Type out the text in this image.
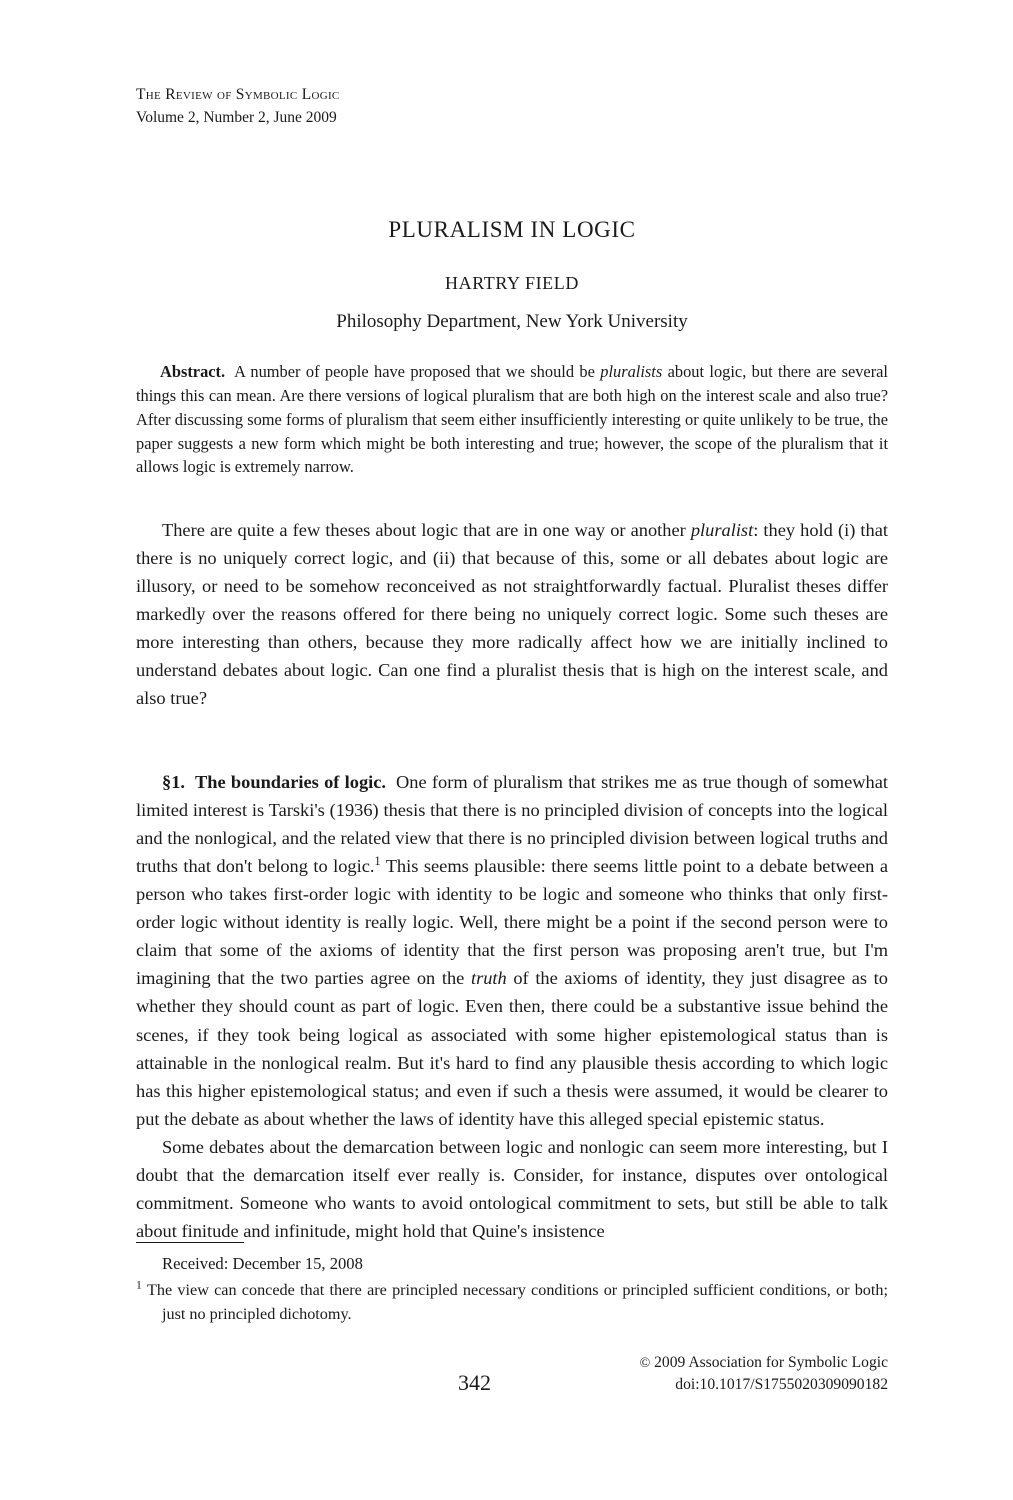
The Review of Symbolic Logic
Volume 2, Number 2, June 2009
PLURALISM IN LOGIC
HARTRY FIELD
Philosophy Department, New York University
Abstract. A number of people have proposed that we should be pluralists about logic, but there are several things this can mean. Are there versions of logical pluralism that are both high on the interest scale and also true? After discussing some forms of pluralism that seem either insufficiently interesting or quite unlikely to be true, the paper suggests a new form which might be both interesting and true; however, the scope of the pluralism that it allows logic is extremely narrow.

There are quite a few theses about logic that are in one way or another pluralist: they hold (i) that there is no uniquely correct logic, and (ii) that because of this, some or all debates about logic are illusory, or need to be somehow reconceived as not straightforwardly factual. Pluralist theses differ markedly over the reasons offered for there being no uniquely correct logic. Some such theses are more interesting than others, because they more radically affect how we are initially inclined to understand debates about logic. Can one find a pluralist thesis that is high on the interest scale, and also true?

§1. The boundaries of logic. One form of pluralism that strikes me as true though of somewhat limited interest is Tarski's (1936) thesis that there is no principled division of concepts into the logical and the nonlogical, and the related view that there is no principled division between logical truths and truths that don't belong to logic.$^1$ This seems plausible: there seems little point to a debate between a person who takes first-order logic with identity to be logic and someone who thinks that only first-order logic without identity is really logic. Well, there might be a point if the second person were to claim that some of the axioms of identity that the first person was proposing aren't true, but I'm imagining that the two parties agree on the truth of the axioms of identity, they just disagree as to whether they should count as part of logic. Even then, there could be a substantive issue behind the scenes, if they took being logical as associated with some higher epistemological status than is attainable in the nonlogical realm. But it's hard to find any plausible thesis according to which logic has this higher epistemological status; and even if such a thesis were assumed, it would be clearer to put the debate as about whether the laws of identity have this alleged special epistemic status.

Some debates about the demarcation between logic and nonlogic can seem more interesting, but I doubt that the demarcation itself ever really is. Consider, for instance, disputes over ontological commitment. Someone who wants to avoid ontological commitment to sets, but still be able to talk about finitude and infinitude, might hold that Quine's insistence

Received: December 15, 2008
$^1$ The view can concede that there are principled necessary conditions or principled sufficient conditions, or both; just no principled dichotomy.
342
© 2009 Association for Symbolic Logic
doi:10.1017/S1755020309090182
